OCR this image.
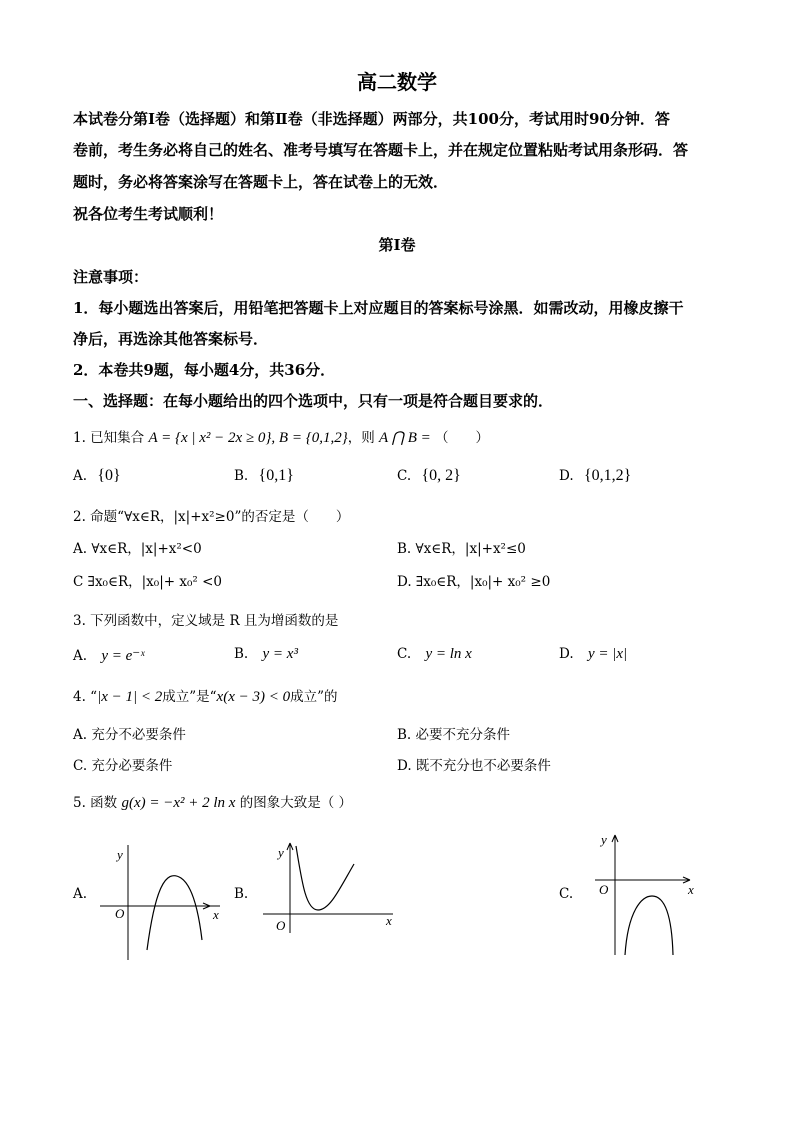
高二数学
本试卷分第Ⅰ卷（选择题）和第Ⅱ卷（非选择题）两部分，共100分，考试用时90分钟．答
卷前，考生务必将自己的姓名、准考号填写在答题卡上，并在规定位置粘贴考试用条形码．答
题时，务必将答案涂写在答题卡上，答在试卷上的无效．
祝各位考生考试顺利！
第Ⅰ卷
注意事项：
1．每小题选出答案后，用铅笔把答题卡上对应题目的答案标号涂黑．如需改动，用橡皮擦干
净后，再选涂其他答案标号．
2．本卷共9题，每小题4分，共36分．
一、选择题：在每小题给出的四个选项中，只有一项是符合题目要求的．
1. 已知集合 A = {x | x² − 2x ≥ 0}, B = {0,1,2}，则 A ⋂ B = （　　）
A. {0}	B. {0,1}	C. {0, 2}	D. {0,1,2}
2. 命题“∀x∈R，|x|+x²≥0”的否定是（　　）
A. ∀x∈R，|x|+x²<0	B. ∀x∈R，|x|+x²≤0
C ∃x₀∈R，|x₀|+ x₀² <0	D. ∃x₀∈R，|x₀|+ x₀² ≥0
3. 下列函数中，定义域是 R 且为增函数的是
A. y = e⁻ˣ	B. y = x³	C. y = ln x	D. y = |x|
4. “|x − 1| < 2成立”是“x(x − 3) < 0成立”的
A. 充分不必要条件	B. 必要不充分条件
C. 充分必要条件	D. 既不充分也不必要条件
5. 函数 g(x) = −x² + 2 ln x 的图象大致是（ ）
A.	B.	C.
y
x
O
y
x
O
y
x
O
